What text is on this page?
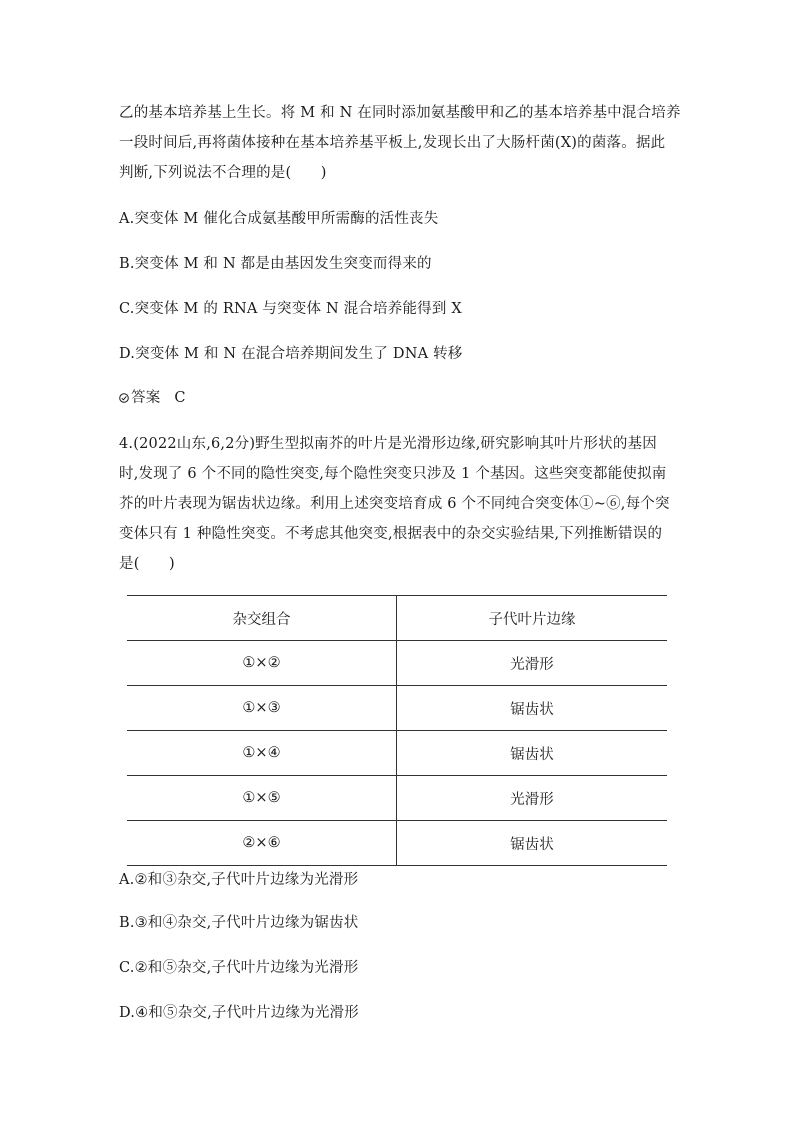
乙的基本培养基上生长。将 M 和 N 在同时添加氨基酸甲和乙的基本培养基中混合培养
一段时间后,再将菌体接种在基本培养基平板上,发现长出了大肠杆菌(X)的菌落。据此
判断,下列说法不合理的是(　　)
A.突变体 M 催化合成氨基酸甲所需酶的活性丧失
B.突变体 M 和 N 都是由基因发生突变而得来的
C.突变体 M 的 RNA 与突变体 N 混合培养能得到 X
D.突变体 M 和 N 在混合培养期间发生了 DNA 转移
答案 C
4.(2022山东,6,2分)野生型拟南芥的叶片是光滑形边缘,研究影响其叶片形状的基因
时,发现了 6 个不同的隐性突变,每个隐性突变只涉及 1 个基因。这些突变都能使拟南
芥的叶片表现为锯齿状边缘。利用上述突变培育成 6 个不同纯合突变体①~⑥,每个突
变体只有 1 种隐性突变。不考虑其他突变,根据表中的杂交实验结果,下列推断错误的
是(　　)
杂交组合	子代叶片边缘
①×②	光滑形
①×③	锯齿状
①×④	锯齿状
①×⑤	光滑形
②×⑥	锯齿状
A.②和③杂交,子代叶片边缘为光滑形
B.③和④杂交,子代叶片边缘为锯齿状
C.②和⑤杂交,子代叶片边缘为光滑形
D.④和⑤杂交,子代叶片边缘为光滑形
